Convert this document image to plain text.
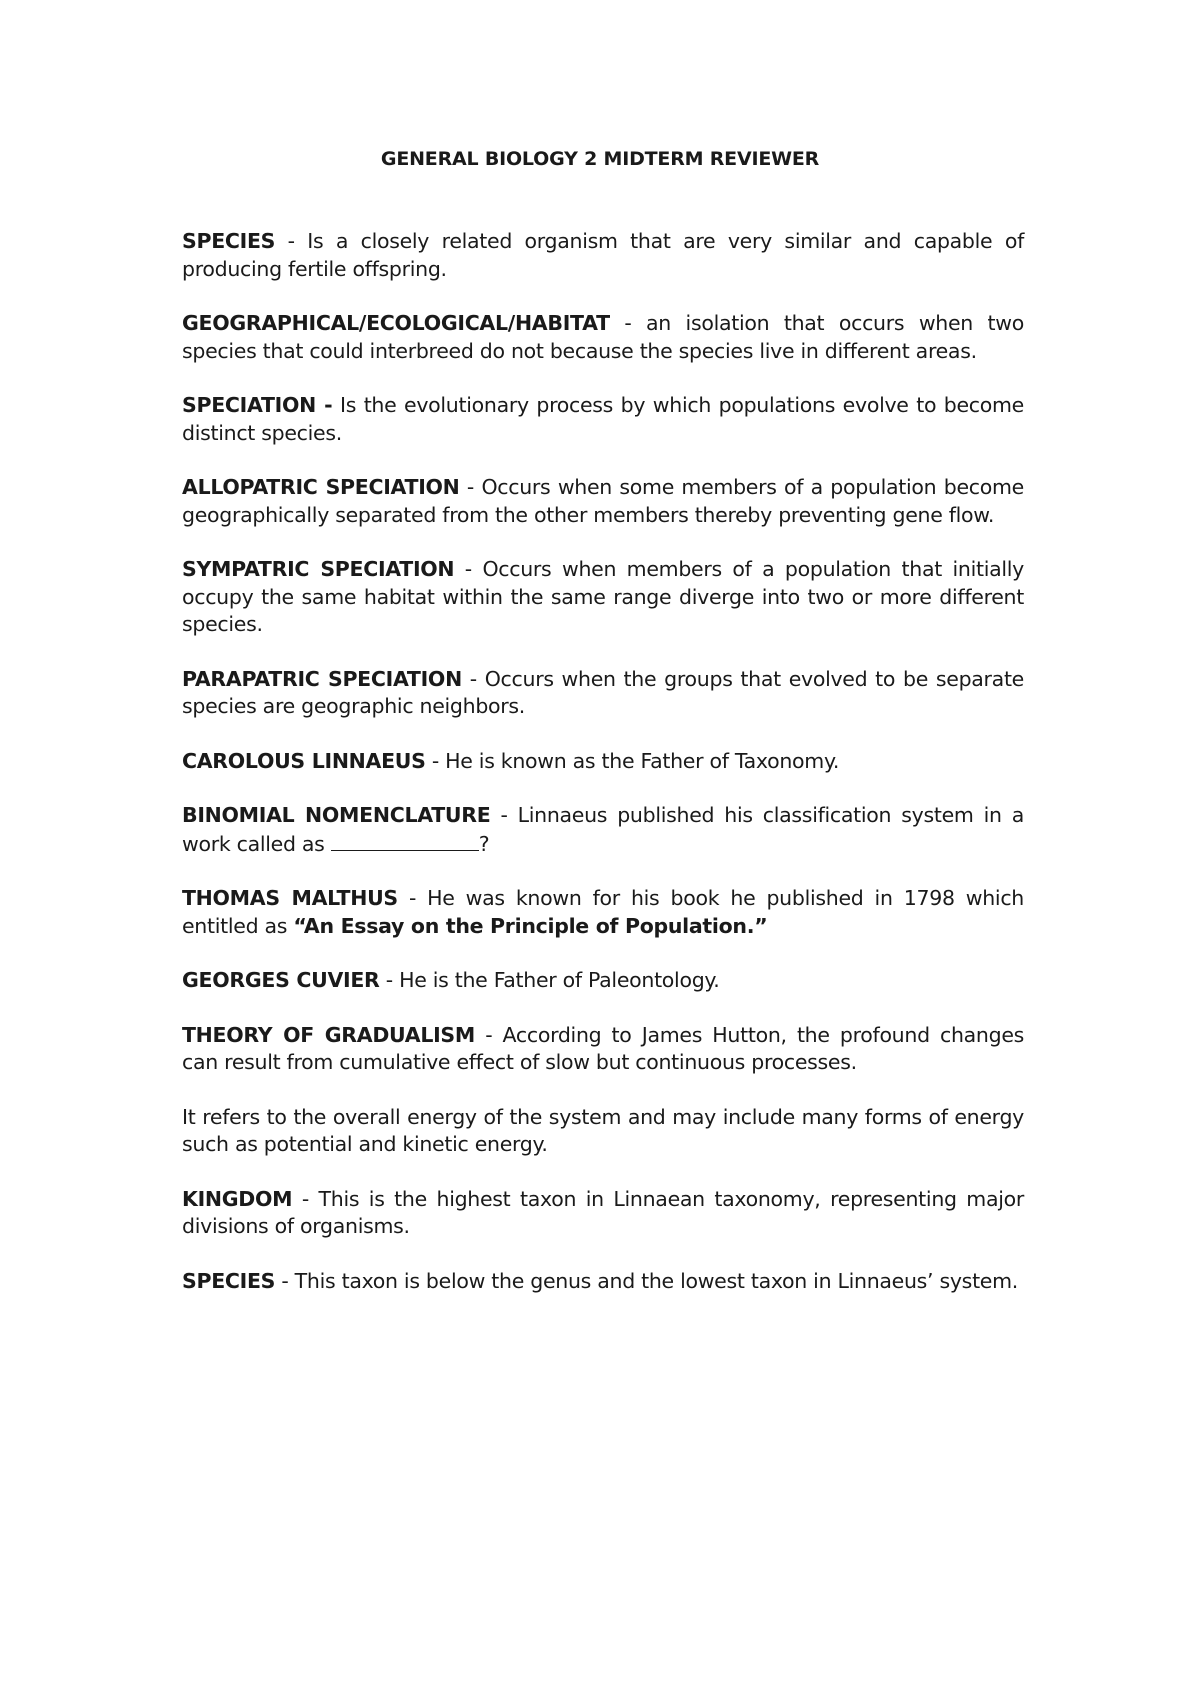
GENERAL BIOLOGY 2 MIDTERM REVIEWER

SPECIES - Is a closely related organism that are very similar and capable of producing fertile offspring.

GEOGRAPHICAL/ECOLOGICAL/HABITAT - an isolation that occurs when two species that could interbreed do not because the species live in different areas.

SPECIATION - Is the evolutionary process by which populations evolve to become distinct species.

ALLOPATRIC SPECIATION - Occurs when some members of a population become geographically separated from the other members thereby preventing gene flow.

SYMPATRIC SPECIATION - Occurs when members of a population that initially occupy the same habitat within the same range diverge into two or more different species.

PARAPATRIC SPECIATION - Occurs when the groups that evolved to be separate species are geographic neighbors.

CAROLOUS LINNAEUS - He is known as the Father of Taxonomy.

BINOMIAL NOMENCLATURE - Linnaeus published his classification system in a work called as	?

THOMAS MALTHUS - He was known for his book he published in 1798 which entitled as “An Essay on the Principle of Population.”

GEORGES CUVIER - He is the Father of Paleontology.

THEORY OF GRADUALISM - According to James Hutton, the profound changes can result from cumulative effect of slow but continuous processes.

It refers to the overall energy of the system and may include many forms of energy such as potential and kinetic energy.

KINGDOM - This is the highest taxon in Linnaean taxonomy, representing major divisions of organisms.

SPECIES - This taxon is below the genus and the lowest taxon in Linnaeus’ system.
